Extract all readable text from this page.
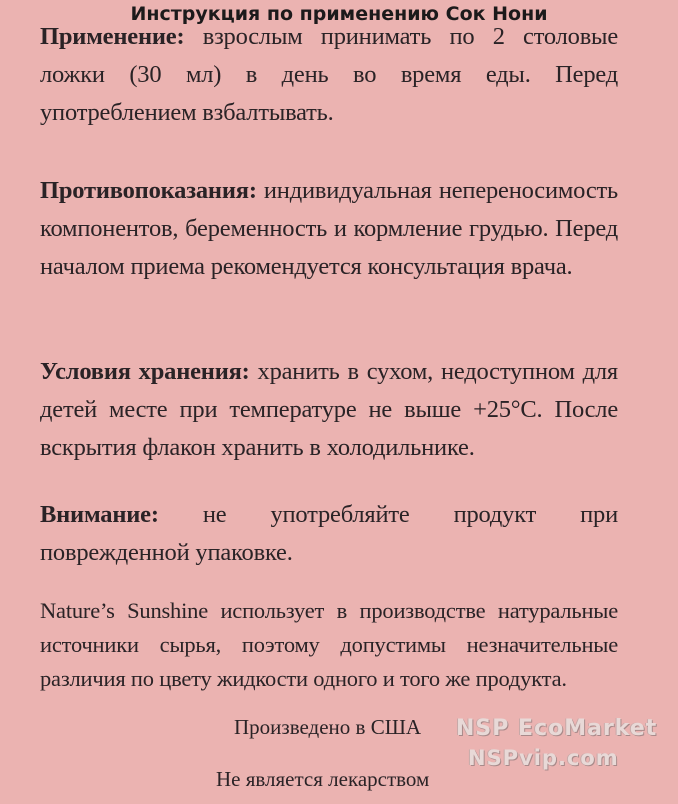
Инструкция по применению Сок Нони
Применение: взрослым принимать по 2 столовые ложки (30 мл) в день во время еды. Перед употреблением взбалтывать.
Противопоказания: индивидуальная непереносимость компонентов, беременность и кормление грудью. Перед началом приема рекомендуется консультация врача.
Условия хранения: хранить в сухом, недоступном для детей месте при температуре не выше +25°С. После вскрытия флакон хранить в холодильнике.
Внимание: не употребляйте продукт при поврежденной упаковке.
Nature’s Sunshine использует в производстве натуральные источники сырья, поэтому допустимы незначительные различия по цвету жидкости одного и того же продукта.
Произведено в США
Не является лекарством
NSP EcoMarket
NSPvip.com
